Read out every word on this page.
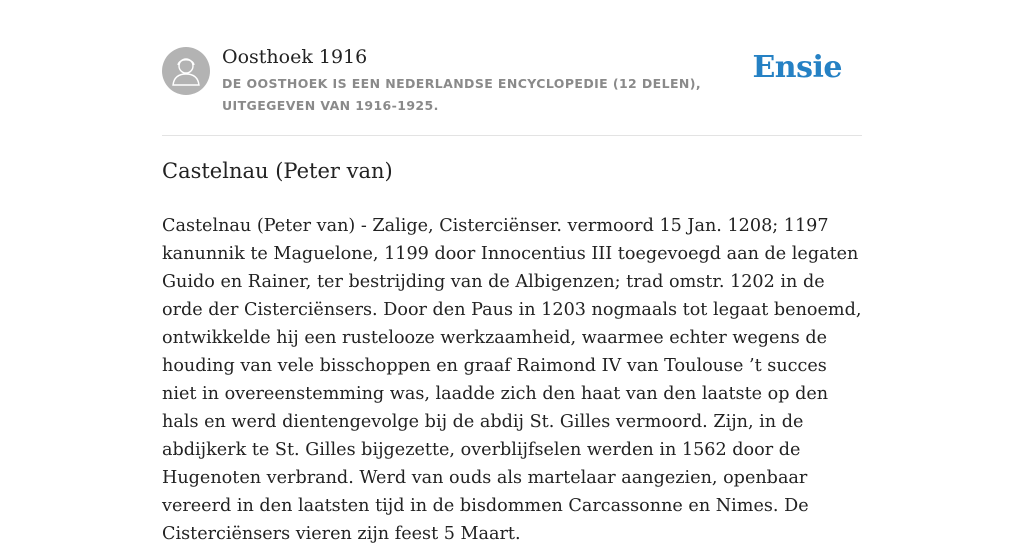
Oosthoek 1916
DE OOSTHOEK IS EEN NEDERLANDSE ENCYCLOPEDIE (12 DELEN), UITGEGEVEN VAN 1916-1925.
Ensie
Castelnau (Peter van)

Castelnau (Peter van) - Zalige, Cisterciënser. vermoord 15 Jan. 1208; 1197 kanunnik te Maguelone, 1199 door Innocentius III toegevoegd aan de legaten Guido en Rainer, ter bestrijding van de Albigenzen; trad omstr. 1202 in de orde der Cisterciënsers. Door den Paus in 1203 nogmaals tot legaat benoemd, ontwikkelde hij een rustelooze werkzaamheid, waarmee echter wegens de houding van vele bisschoppen en graaf Raimond IV van Toulouse ’t succes niet in overeenstemming was, laadde zich den haat van den laatste op den hals en werd dientengevolge bij de abdij St. Gilles vermoord. Zijn, in de abdijkerk te St. Gilles bijgezette, overblijfselen werden in 1562 door de Hugenoten verbrand. Werd van ouds als martelaar aangezien, openbaar vereerd in den laatsten tijd in de bisdommen Carcassonne en Nimes. De Cisterciënsers vieren zijn feest 5 Maart.
